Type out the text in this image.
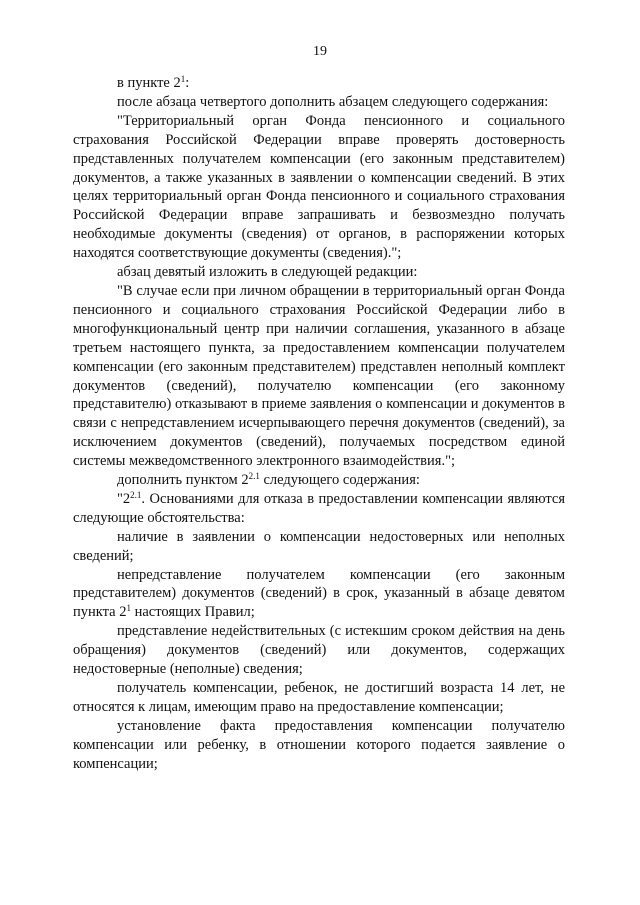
19

в пункте $2^1$:

после абзаца четвертого дополнить абзацем следующего содержания:

"Территориальный орган Фонда пенсионного и социального страхования Российской Федерации вправе проверять достоверность представленных получателем компенсации (его законным представителем) документов, а также указанных в заявлении о компенсации сведений. В этих целях территориальный орган Фонда пенсионного и социального страхования Российской Федерации вправе запрашивать и безвозмездно получать необходимые документы (сведения) от органов, в распоряжении которых находятся соответствующие документы (сведения).";

абзац девятый изложить в следующей редакции:

"В случае если при личном обращении в территориальный орган Фонда пенсионного и социального страхования Российской Федерации либо в многофункциональный центр при наличии соглашения, указанного в абзаце третьем настоящего пункта, за предоставлением компенсации получателем компенсации (его законным представителем) представлен неполный комплект документов (сведений), получателю компенсации (его законному представителю) отказывают в приеме заявления о компенсации и документов в связи с непредставлением исчерпывающего перечня документов (сведений), за исключением документов (сведений), получаемых посредством единой системы межведомственного электронного взаимодействия.";

дополнить пунктом $2^{2.1}$ следующего содержания:

"$2^{2.1}$. Основаниями для отказа в предоставлении компенсации являются следующие обстоятельства:

наличие в заявлении о компенсации недостоверных или неполных сведений;

непредставление получателем компенсации (его законным представителем) документов (сведений) в срок, указанный в абзаце девятом пункта $2^1$ настоящих Правил;

представление недействительных (с истекшим сроком действия на день обращения) документов (сведений) или документов, содержащих недостоверные (неполные) сведения;

получатель компенсации, ребенок, не достигший возраста 14 лет, не относятся к лицам, имеющим право на предоставление компенсации;

установление факта предоставления компенсации получателю компенсации или ребенку, в отношении которого подается заявление о компенсации;
